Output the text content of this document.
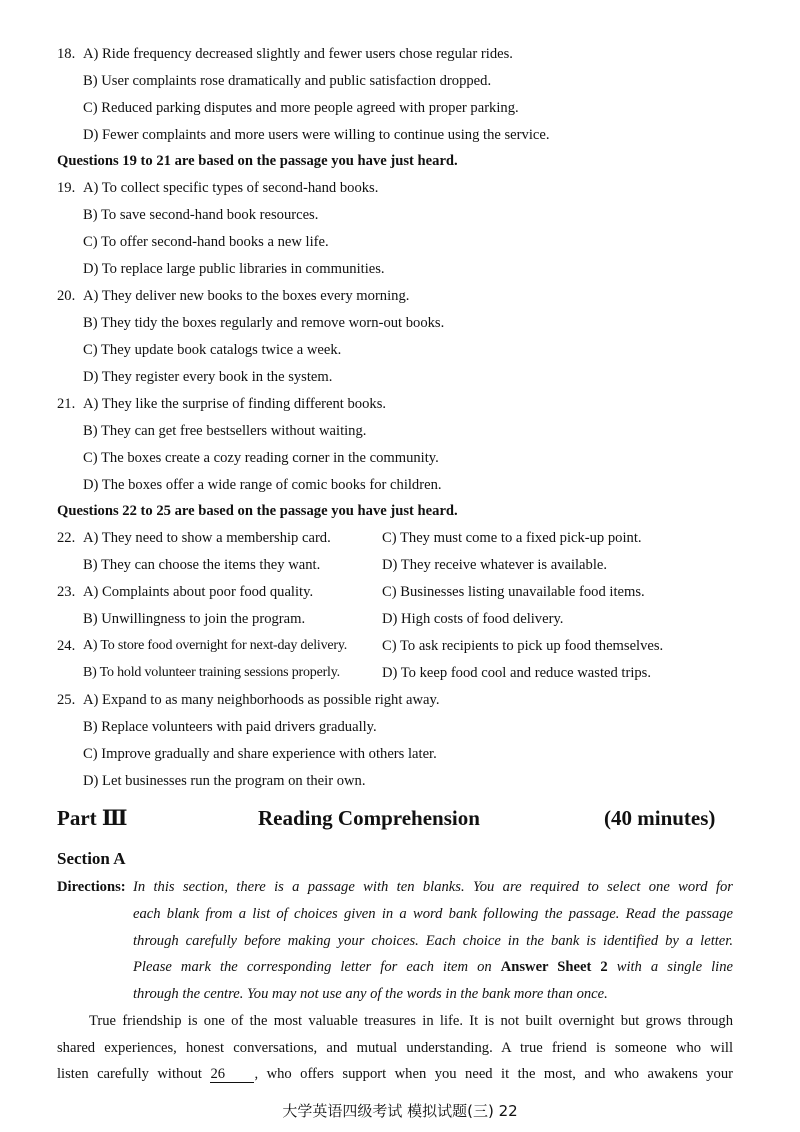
18. A) Ride frequency decreased slightly and fewer users chose regular rides.
B) User complaints rose dramatically and public satisfaction dropped.
C) Reduced parking disputes and more people agreed with proper parking.
D) Fewer complaints and more users were willing to continue using the service.
Questions 19 to 21 are based on the passage you have just heard.
19. A) To collect specific types of second-hand books.
B) To save second-hand book resources.
C) To offer second-hand books a new life.
D) To replace large public libraries in communities.
20. A) They deliver new books to the boxes every morning.
B) They tidy the boxes regularly and remove worn-out books.
C) They update book catalogs twice a week.
D) They register every book in the system.
21. A) They like the surprise of finding different books.
B) They can get free bestsellers without waiting.
C) The boxes create a cozy reading corner in the community.
D) The boxes offer a wide range of comic books for children.
Questions 22 to 25 are based on the passage you have just heard.
22. A) They need to show a membership card.	C) They must come to a fixed pick-up point.
B) They can choose the items they want.	D) They receive whatever is available.
23. A) Complaints about poor food quality.	C) Businesses listing unavailable food items.
B) Unwillingness to join the program.	D) High costs of food delivery.
24. A) To store food overnight for next-day delivery. C) To ask recipients to pick up food themselves.
B) To hold volunteer training sessions properly.	D) To keep food cool and reduce wasted trips.
25. A) Expand to as many neighborhoods as possible right away.
B) Replace volunteers with paid drivers gradually.
C) Improve gradually and share experience with others later.
D) Let businesses run the program on their own.
Part Ⅲ	Reading Comprehension	(40 minutes)
Section A
Directions: In this section, there is a passage with ten blanks. You are required to select one word for
each blank from a list of choices given in a word bank following the passage. Read the passage
through carefully before making your choices. Each choice in the bank is identified by a letter.
Please mark the corresponding letter for each item on Answer Sheet 2 with a single line
through the centre. You may not use any of the words in the bank more than once.
True friendship is one of the most valuable treasures in life. It is not built overnight but grows through
shared experiences, honest conversations, and mutual understanding. A true friend is someone who will
listen carefully without 26 , who offers support when you need it the most, and who awakens your
大学英语四级考试 模拟试题(三) 22
